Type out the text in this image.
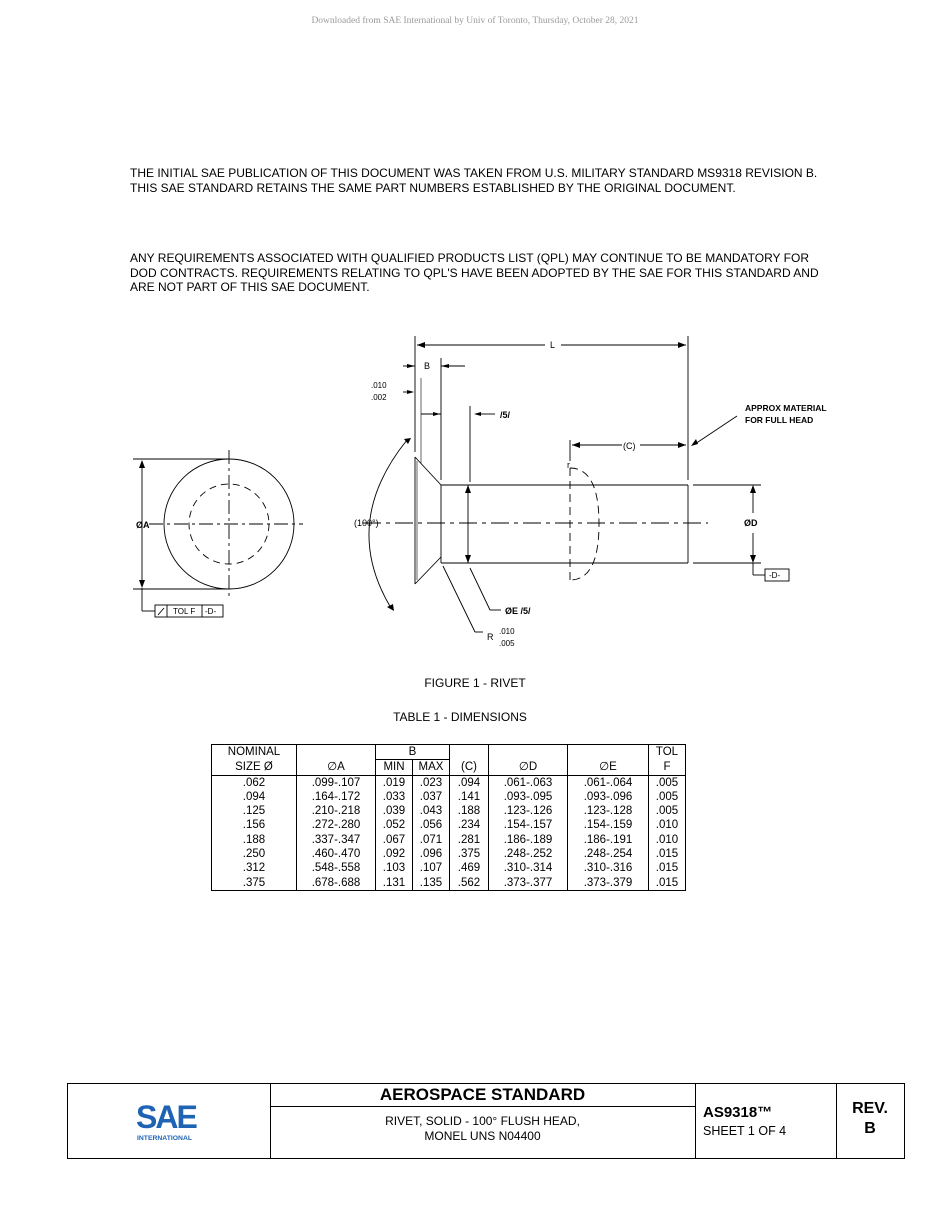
Downloaded from SAE International by Univ of Toronto, Thursday, October 28, 2021
THE INITIAL SAE PUBLICATION OF THIS DOCUMENT WAS TAKEN FROM U.S. MILITARY STANDARD MS9318 REVISION B. THIS SAE STANDARD RETAINS THE SAME PART NUMBERS ESTABLISHED BY THE ORIGINAL DOCUMENT.
ANY REQUIREMENTS ASSOCIATED WITH QUALIFIED PRODUCTS LIST (QPL) MAY CONTINUE TO BE MANDATORY FOR DOD CONTRACTS. REQUIREMENTS RELATING TO QPL'S HAVE BEEN ADOPTED BY THE SAE FOR THIS STANDARD AND ARE NOT PART OF THIS SAE DOCUMENT.
ØA
TOL F -D-
(100°)
L
B
.010
.002
/5/
APPROX MATERIAL
FOR FULL HEAD
(C)
r
ØE /5/
R
.010
.005
ØD
-D-
FIGURE 1 - RIVET
TABLE 1 - DIMENSIONS
NOMINAL		B					TOL
SIZE Ø	∅A	MIN	MAX	(C)	∅D	∅E	F
.062	.099-.107	.019	.023	.094	.061-.063	.061-.064	.005
.094	.164-.172	.033	.037	.141	.093-.095	.093-.096	.005
.125	.210-.218	.039	.043	.188	.123-.126	.123-.128	.005
.156	.272-.280	.052	.056	.234	.154-.157	.154-.159	.010
.188	.337-.347	.067	.071	.281	.186-.189	.186-.191	.010
.250	.460-.470	.092	.096	.375	.248-.252	.248-.254	.015
.312	.548-.558	.103	.107	.469	.310-.314	.310-.316	.015
.375	.678-.688	.131	.135	.562	.373-.377	.373-.379	.015
SAE
INTERNATIONAL
AEROSPACE STANDARD
RIVET, SOLID - 100° FLUSH HEAD,
MONEL UNS N04400
AS9318™
SHEET 1 OF 4
REV.
B
